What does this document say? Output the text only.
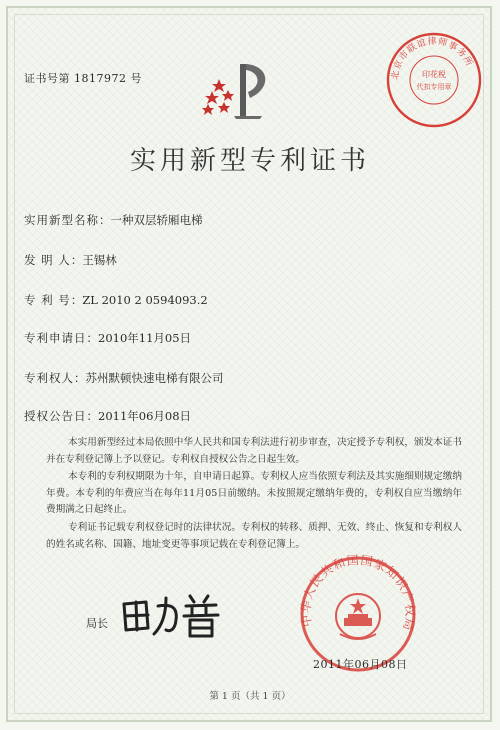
证书号第 1817972 号	北京市联谊律师事务所
印花税
代扣专用章
实用新型专利证书
实用新型名称：一种双层轿厢电梯
发 明 人：王锡林
专 利 号：ZL 2010 2 0594093.2
专利申请日：2010年11月05日
专利权人：苏州默顿快速电梯有限公司
授权公告日：2011年06月08日
本实用新型经过本局依照中华人民共和国专利法进行初步审查，决定授予专利权，颁发本证书并在专利登记簿上予以登记。专利权自授权公告之日起生效。
本专利的专利权期限为十年，自申请日起算。专利权人应当依照专利法及其实施细则规定缴纳年费。本专利的年费应当在每年11月05日前缴纳。未按照规定缴纳年费的，专利权自应当缴纳年费期满之日起终止。
专利证书记载专利权登记时的法律状况。专利权的转移、质押、无效、终止、恢复和专利权人的姓名或名称、国籍、地址变更等事项记载在专利登记簿上。
局长	中华人民共和国国家知识产权局
2011年06月08日
第 1 页（共 1 页）
